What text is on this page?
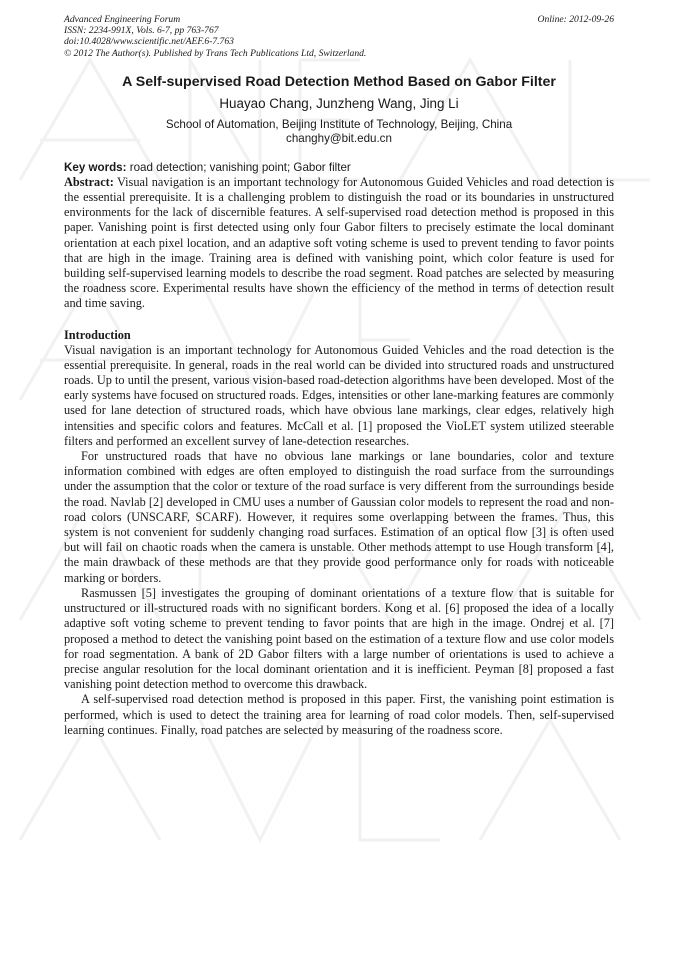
Advanced Engineering Forum
ISSN: 2234-991X, Vols. 6-7, pp 763-767
doi:10.4028/www.scientific.net/AEF.6-7.763
© 2012 The Author(s). Published by Trans Tech Publications Ltd, Switzerland.
Online: 2012-09-26
A Self-supervised Road Detection Method Based on Gabor Filter
Huayao Chang, Junzheng Wang, Jing Li
School of Automation, Beijing Institute of Technology, Beijing, China
changhy@bit.edu.cn
Key words: road detection; vanishing point; Gabor filter

Abstract: Visual navigation is an important technology for Autonomous Guided Vehicles and road detection is the essential prerequisite. It is a challenging problem to distinguish the road or its boundaries in unstructured environments for the lack of discernible features. A self-supervised road detection method is proposed in this paper. Vanishing point is first detected using only four Gabor filters to precisely estimate the local dominant orientation at each pixel location, and an adaptive soft voting scheme is used to prevent tending to favor points that are high in the image. Training area is defined with vanishing point, which color feature is used for building self-supervised learning models to describe the road segment. Road patches are selected by measuring the roadness score. Experimental results have shown the efficiency of the method in terms of detection result and time saving.

Introduction

Visual navigation is an important technology for Autonomous Guided Vehicles and the road detection is the essential prerequisite. In general, roads in the real world can be divided into structured roads and unstructured roads. Up to until the present, various vision-based road-detection algorithms have been developed. Most of the early systems have focused on structured roads. Edges, intensities or other lane-marking features are commonly used for lane detection of structured roads, which have obvious lane markings, clear edges, relatively high intensities and specific colors and features. McCall et al. [1] proposed the VioLET system utilized steerable filters and performed an excellent survey of lane-detection researches.

For unstructured roads that have no obvious lane markings or lane boundaries, color and texture information combined with edges are often employed to distinguish the road surface from the surroundings under the assumption that the color or texture of the road surface is very different from the surroundings beside the road. Navlab [2] developed in CMU uses a number of Gaussian color models to represent the road and non-road colors (UNSCARF, SCARF). However, it requires some overlapping between the frames. Thus, this system is not convenient for suddenly changing road surfaces. Estimation of an optical flow [3] is often used but will fail on chaotic roads when the camera is unstable. Other methods attempt to use Hough transform [4], the main drawback of these methods are that they provide good performance only for roads with noticeable marking or borders.

Rasmussen [5] investigates the grouping of dominant orientations of a texture flow that is suitable for unstructured or ill-structured roads with no significant borders. Kong et al. [6] proposed the idea of a locally adaptive soft voting scheme to prevent tending to favor points that are high in the image. Ondrej et al. [7] proposed a method to detect the vanishing point based on the estimation of a texture flow and use color models for road segmentation. A bank of 2D Gabor filters with a large number of orientations is used to achieve a precise angular resolution for the local dominant orientation and it is inefficient. Peyman [8] proposed a fast vanishing point detection method to overcome this drawback.

A self-supervised road detection method is proposed in this paper. First, the vanishing point estimation is performed, which is used to detect the training area for learning of road color models. Then, self-supervised learning continues. Finally, road patches are selected by measuring of the roadness score.
